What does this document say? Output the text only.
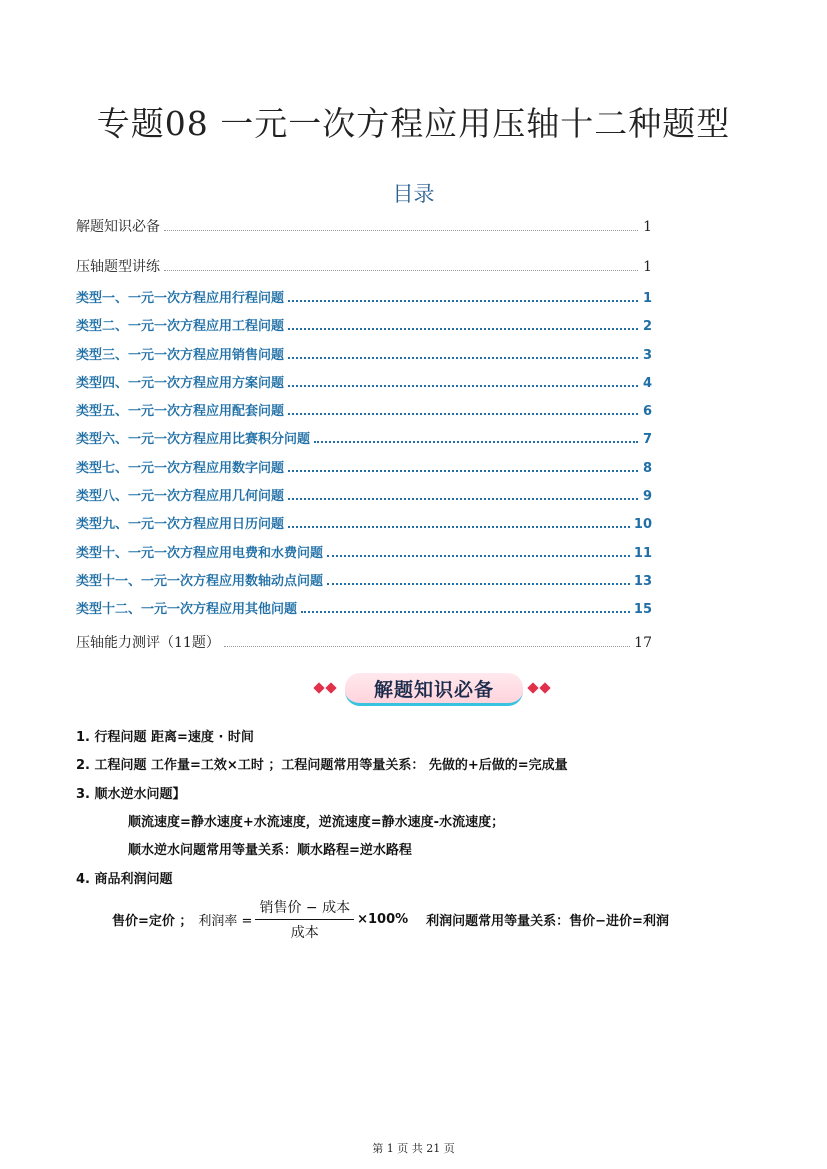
专题08 一元一次方程应用压轴十二种题型
目录
解题知识必备	1
压轴题型讲练	1
类型一、一元一次方程应用行程问题	1
类型二、一元一次方程应用工程问题	2
类型三、一元一次方程应用销售问题	3
类型四、一元一次方程应用方案问题	4
类型五、一元一次方程应用配套问题	6
类型六、一元一次方程应用比赛积分问题	7
类型七、一元一次方程应用数字问题	8
类型八、一元一次方程应用几何问题	9
类型九、一元一次方程应用日历问题	10
类型十、一元一次方程应用电费和水费问题	11
类型十一、一元一次方程应用数轴动点问题	13
类型十二、一元一次方程应用其他问题	15
压轴能力测评（11题）	17
解题知识必备
1. 行程问题 距离=速度 · 时间
2. 工程问题 工作量=工效×工时 ；工程问题常用等量关系： 先做的+后做的=完成量
3. 顺水逆水问题】
顺流速度=静水速度+水流速度，逆流速度=静水速度-水流速度；
顺水逆水问题常用等量关系：顺水路程=逆水路程
4. 商品利润问题
售价=定价 ； 利润率 = $\frac{\text{销售价 − 成本}}{\text{成本}} \times 100\%$ 利润问题常用等量关系：售价−进价=利润
第 1 页 共 21 页
